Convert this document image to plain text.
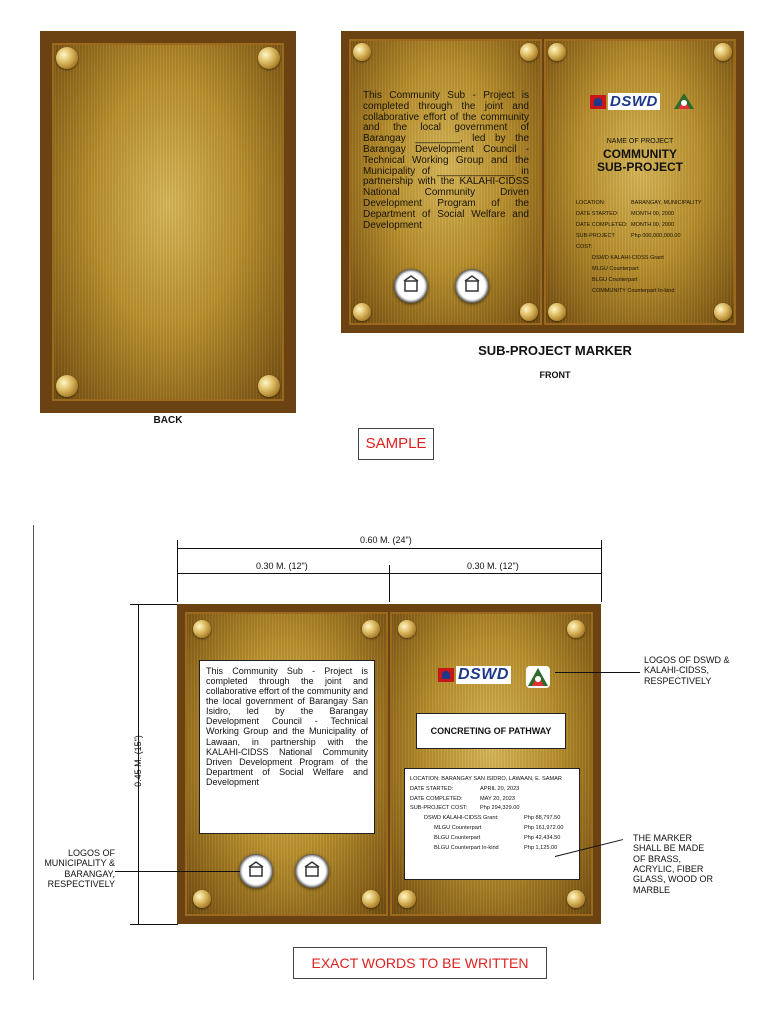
BACK
This Community Sub - Project is completed through the joint and collaborative effort of the community and the local government of Barangay ________, led by the Barangay Development Council - Technical Working Group and the Municipality of ______________ in partnership with the KALAHI-CIDSS National Community Driven Development Program of the Department of Social Welfare and Development
DSWD
NAME OF PROJECT
COMMUNITY
SUB-PROJECT
LOCATION:	BARANGAY, MUNICIPALITY
DATE STARTED:	MONTH 00, 2000
DATE COMPLETED: MONTH 00, 2000
SUB-PROJECT COST:
Php 000,000,000.00
DSWD KALAHI-CIDSS Grant
MLGU Counterpart
BLGU Counterpart
COMMUNITY Counterpart In-kind
SUB-PROJECT MARKER
FRONT
SAMPLE
0.60 M. (24")
0.30 M. (12")	0.30 M. (12")
0.45 M. (15")
This Community Sub - Project is completed through the joint and collaborative effort of the community and the local government of Barangay San Isidro, led by the Barangay Development Council - Technical Working Group and the Municipality of Lawaan, in partnership with the KALAHI-CIDSS National Community Driven Development Program of the Department of Social Welfare and Development
DSWD
CONCRETING OF PATHWAY
LOCATION: BARANGAY SAN ISIDRO, LAWAAN, E. SAMAR
DATE STARTED:	APRIL 20, 2023
DATE COMPLETED:	MAY 20, 2023
SUB-PROJECT COST:	Php 294,329.00
DSWD KALAHI-CIDSS Grant:	Php 88,797.50
MLGU Counterpart	Php 161,972.00
BLGU Counterpart	Php 42,434.50
BLGU Counterpart In-kind	Php 1,125.00
LOGOS OF DSWD & KALAHI-CIDSS, RESPECTIVELY
LOGOS OF MUNICIPALITY & BARANGAY, RESPECTIVELY
THE MARKER SHALL BE MADE OF BRASS, ACRYLIC, FIBER GLASS, WOOD OR MARBLE
EXACT WORDS TO BE WRITTEN
